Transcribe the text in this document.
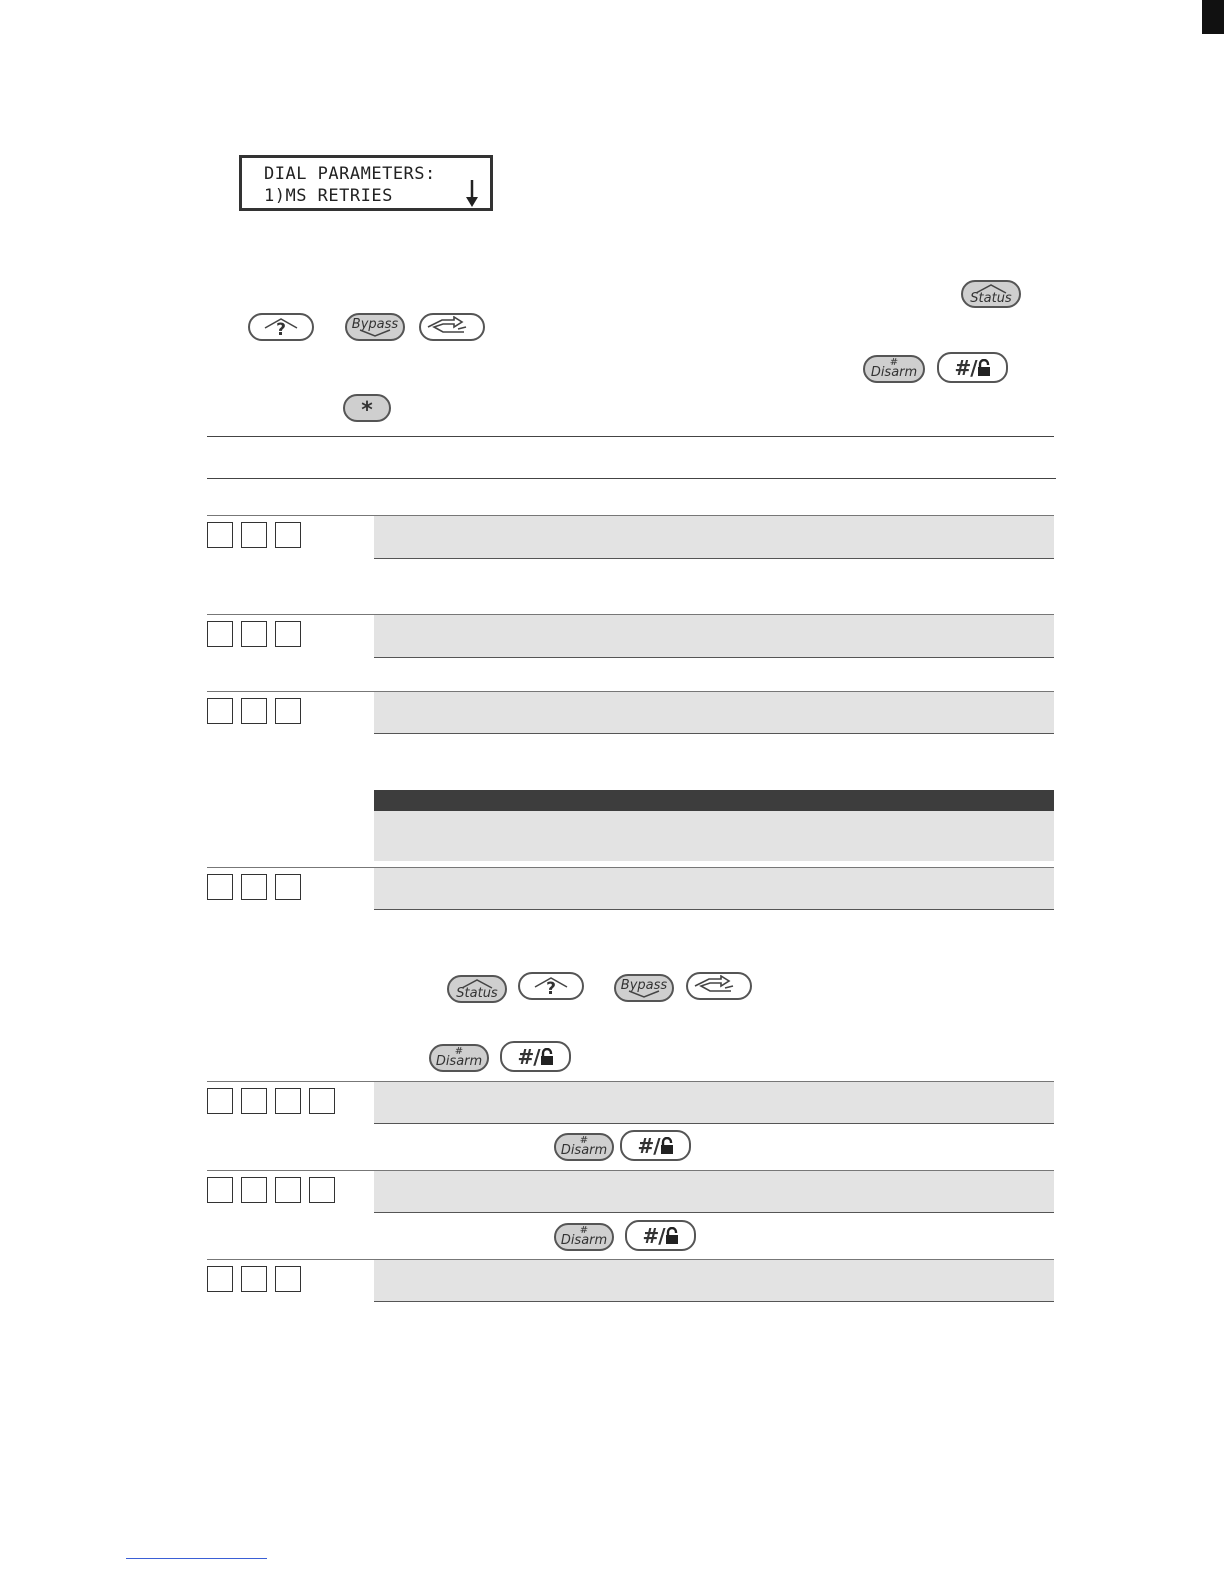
DIAL PARAMETERS:
1)MS RETRIES
Status
?	Bypass
#
Disarm #/
*
Status	?	Bypass
#
Disarm #/
#
Disarm #/
#
Disarm #/
